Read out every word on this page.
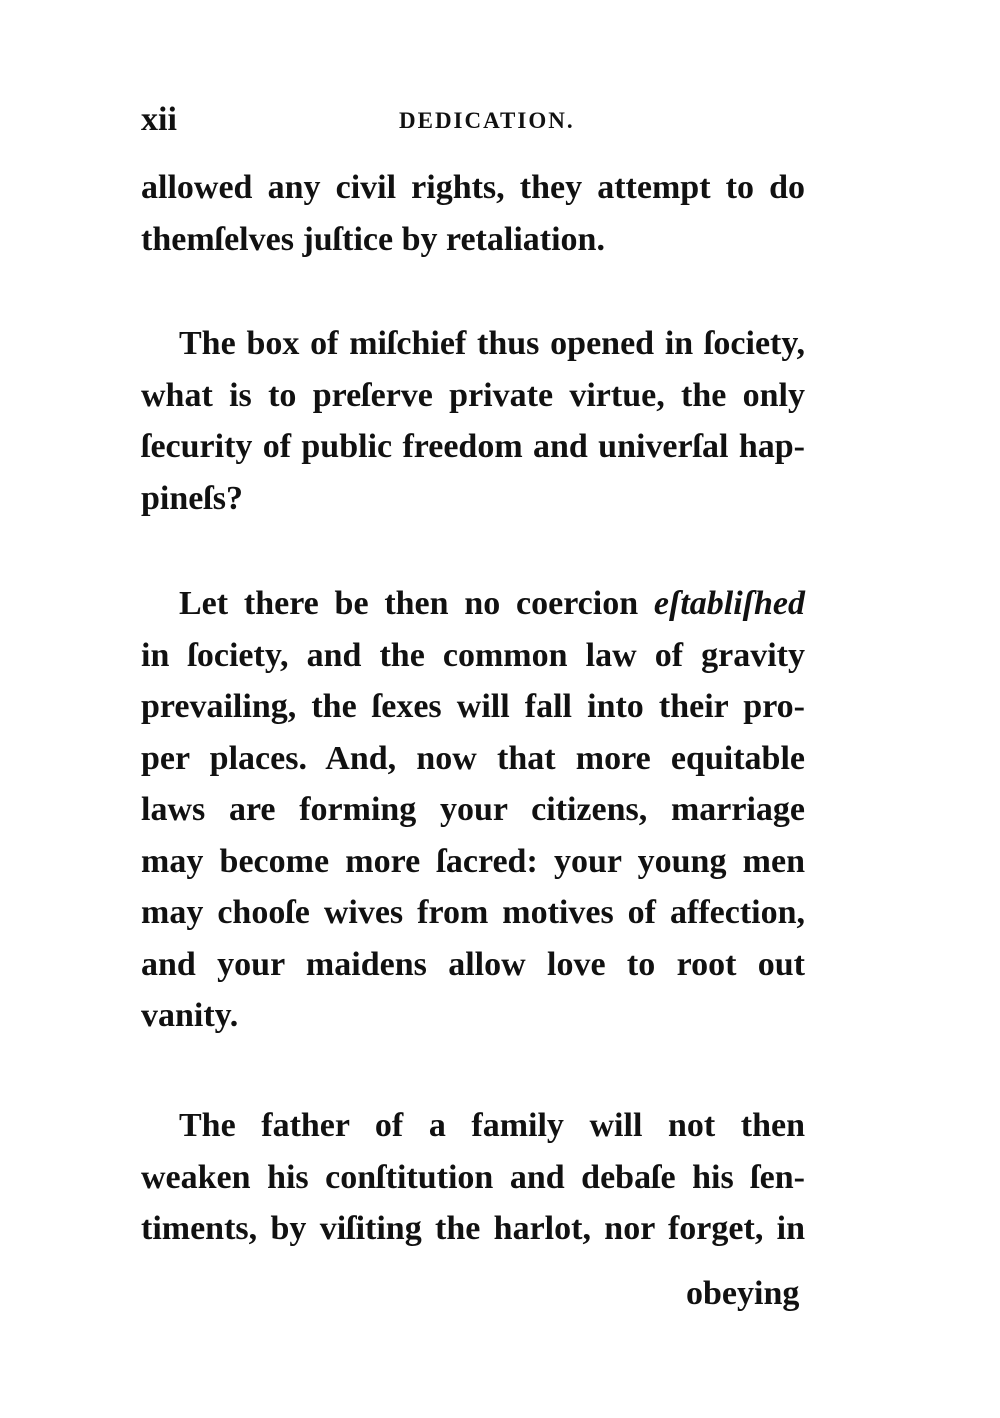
xii	DEDICATION.

allowed any civil rights, they attempt to do
themſelves juſtice by retaliation.

The box of miſchief thus opened in ſociety,
what is to preſerve private virtue, the only
ſecurity of public freedom and univerſal hap-
pineſs?

Let there be then no coercion eſtabliſhed
in ſociety, and the common law of gravity
prevailing, the ſexes will fall into their pro-
per places. And, now that more equitable
laws are forming your citizens, marriage
may become more ſacred: your young men
may chooſe wives from motives of affection,
and your maidens allow love to root out
vanity.

The father of a family will not then
weaken his conſtitution and debaſe his ſen-
timents, by viſiting the harlot, nor forget, in

obeying
